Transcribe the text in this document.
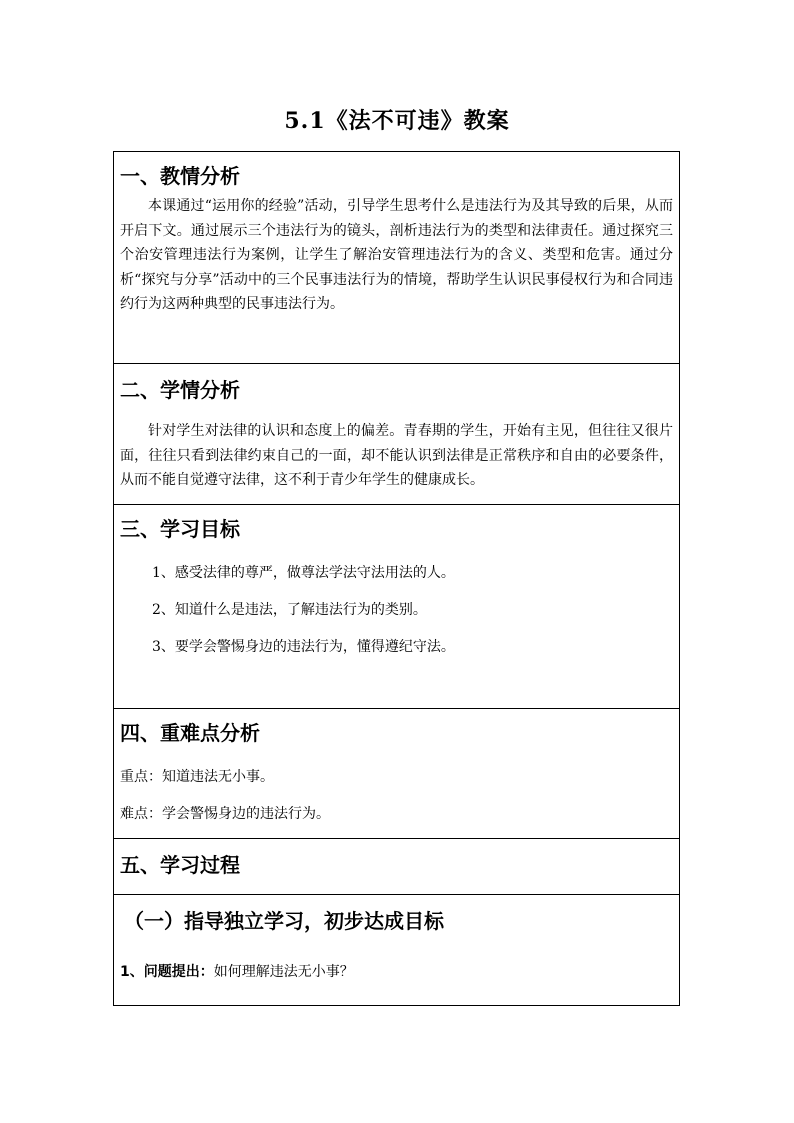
5.1《法不可违》教案
一、教情分析

本课通过“运用你的经验”活动，引导学生思考什么是违法行为及其导致的后果，从而开启下文。通过展示三个违法行为的镜头，剖析违法行为的类型和法律责任。通过探究三个治安管理违法行为案例，让学生了解治安管理违法行为的含义、类型和危害。通过分析“探究与分享”活动中的三个民事违法行为的情境，帮助学生认识民事侵权行为和合同违约行为这两种典型的民事违法行为。

二、学情分析

针对学生对法律的认识和态度上的偏差。青春期的学生，开始有主见，但往往又很片面，往往只看到法律约束自己的一面，却不能认识到法律是正常秩序和自由的必要条件，从而不能自觉遵守法律，这不利于青少年学生的健康成长。

三、学习目标

1、感受法律的尊严，做尊法学法守法用法的人。

2、知道什么是违法，了解违法行为的类别。

3、要学会警惕身边的违法行为，懂得遵纪守法。

四、重难点分析

重点：知道违法无小事。

难点：学会警惕身边的违法行为。

五、学习过程
（一）指导独立学习，初步达成目标

1、问题提出：如何理解违法无小事？
